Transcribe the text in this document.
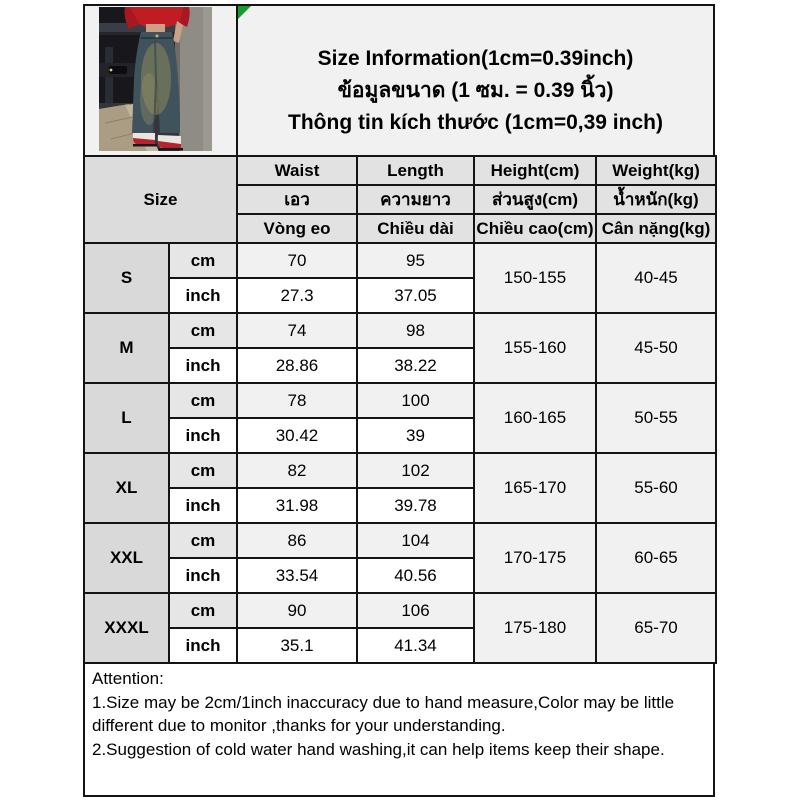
Size Information(1cm=0.39inch)
ข้อมูลขนาด (1 ซม. = 0.39 นิ้ว)
Thông tin kích thước (1cm=0,39 inch)
Size		Waist	Length	Height(cm)	Weight(kg)
		เอว	ความยาว	ส่วนสูง(cm)	น้ำหนัก(kg)
		Vòng eo	Chiều dài	Chiều cao(cm)	Cân nặng(kg)
S	cm	70	95	150-155	40-45
	inch	27.3	37.05		
M	cm	74	98	155-160	45-50
	inch	28.86	38.22		
L	cm	78	100	160-165	50-55
	inch	30.42	39		
XL	cm	82	102	165-170	55-60
	inch	31.98	39.78		
XXL	cm	86	104	170-175	60-65
	inch	33.54	40.56		
XXXL	cm	90	106	175-180	65-70
	inch	35.1	41.34		
Attention:
1.Size may be 2cm/1inch inaccuracy due to hand measure,Color may be little different due to monitor ,thanks for your understanding.
2.Suggestion of cold water hand washing,it can help items keep their shape.
